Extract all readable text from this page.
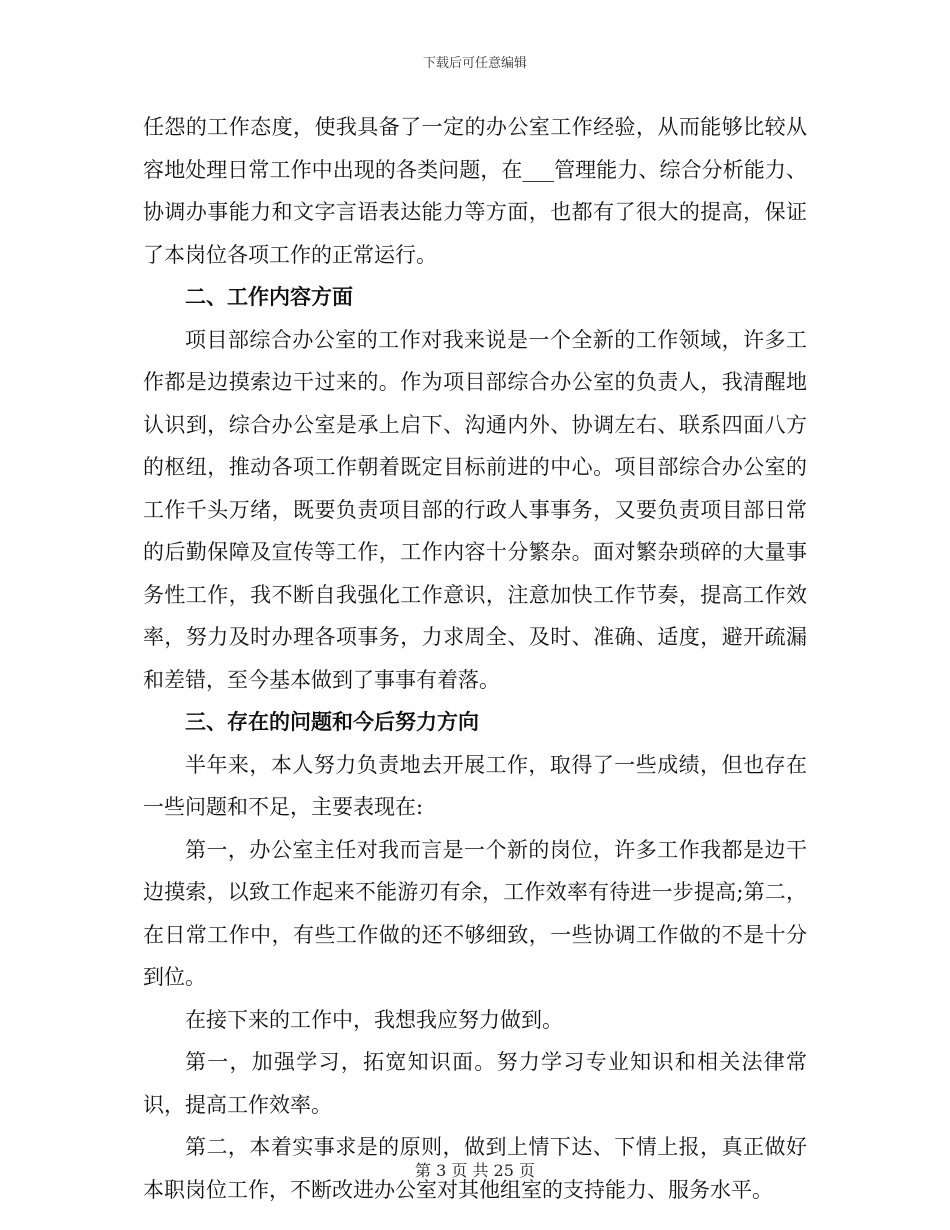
下载后可任意编辑

任怨的工作态度，使我具备了一定的办公室工作经验，从而能够比较从容地处理日常工作中出现的各类问题，在___管理能力、综合分析能力、协调办事能力和文字言语表达能力等方面，也都有了很大的提高，保证了本岗位各项工作的正常运行。

二、工作内容方面

项目部综合办公室的工作对我来说是一个全新的工作领域，许多工作都是边摸索边干过来的。作为项目部综合办公室的负责人，我清醒地认识到，综合办公室是承上启下、沟通内外、协调左右、联系四面八方的枢纽，推动各项工作朝着既定目标前进的中心。项目部综合办公室的工作千头万绪，既要负责项目部的行政人事事务，又要负责项目部日常的后勤保障及宣传等工作，工作内容十分繁杂。面对繁杂琐碎的大量事务性工作，我不断自我强化工作意识，注意加快工作节奏，提高工作效率，努力及时办理各项事务，力求周全、及时、准确、适度，避开疏漏和差错，至今基本做到了事事有着落。

三、存在的问题和今后努力方向

半年来，本人努力负责地去开展工作，取得了一些成绩，但也存在一些问题和不足，主要表现在:

第一，办公室主任对我而言是一个新的岗位，许多工作我都是边干边摸索，以致工作起来不能游刃有余，工作效率有待进一步提高;第二，在日常工作中，有些工作做的还不够细致，一些协调工作做的不是十分到位。

在接下来的工作中，我想我应努力做到。

第一，加强学习，拓宽知识面。努力学习专业知识和相关法律常识，提高工作效率。

第二，本着实事求是的原则，做到上情下达、下情上报，真正做好本职岗位工作，不断改进办公室对其他组室的支持能力、服务水平。

第 3 页 共 25 页
